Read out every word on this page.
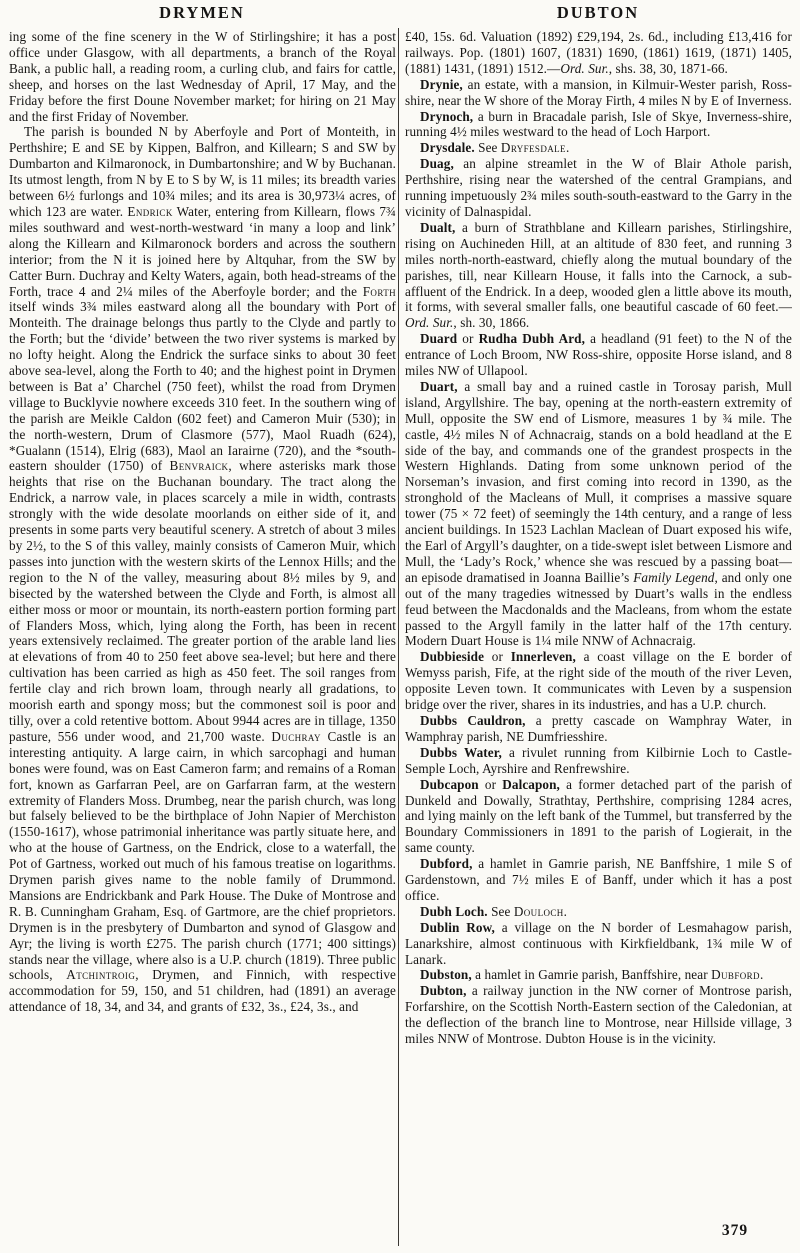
DRYMEN	DUBTON

ing some of the fine scenery in the W of Stirlingshire; it has a post office under Glasgow, with all departments, a branch of the Royal Bank, a public hall, a reading room, a curling club, and fairs for cattle, sheep, and horses on the last Wednesday of April, 17 May, and the Friday before the first Doune November market; for hiring on 21 May and the first Friday of November.

The parish is bounded N by Aberfoyle and Port of Monteith, in Perthshire; E and SE by Kippen, Balfron, and Killearn; S and SW by Dumbarton and Kilmaronock, in Dumbartonshire; and W by Buchanan. Its utmost length, from N by E to S by W, is 11 miles; its breadth varies between 6½ furlongs and 10¾ miles; and its area is 30,973¼ acres, of which 123 are water. Endrick Water, entering from Killearn, flows 7¾ miles southward and west-north-westward ‘in many a loop and link’ along the Killearn and Kilmaronock borders and across the southern interior; from the N it is joined here by Altquhar, from the SW by Catter Burn. Duchray and Kelty Waters, again, both head-streams of the Forth, trace 4 and 2¼ miles of the Aberfoyle border; and the Forth itself winds 3¾ miles eastward along all the boundary with Port of Monteith. The drainage belongs thus partly to the Clyde and partly to the Forth; but the ‘divide’ between the two river systems is marked by no lofty height. Along the Endrick the surface sinks to about 30 feet above sea-level, along the Forth to 40; and the highest point in Drymen between is Bat a’ Charchel (750 feet), whilst the road from Drymen village to Bucklyvie nowhere exceeds 310 feet. In the southern wing of the parish are Meikle Caldon (602 feet) and Cameron Muir (530); in the north-western, Drum of Clasmore (577), Maol Ruadh (624), *Gualann (1514), Elrig (683), Maol an Iarairne (720), and the *south-eastern shoulder (1750) of Benvraick, where asterisks mark those heights that rise on the Buchanan boundary. The tract along the Endrick, a narrow vale, in places scarcely a mile in width, contrasts strongly with the wide desolate moorlands on either side of it, and presents in some parts very beautiful scenery. A stretch of about 3 miles by 2½, to the S of this valley, mainly consists of Cameron Muir, which passes into junction with the western skirts of the Lennox Hills; and the region to the N of the valley, measuring about 8½ miles by 9, and bisected by the watershed between the Clyde and Forth, is almost all either moss or moor or mountain, its north-eastern portion forming part of Flanders Moss, which, lying along the Forth, has been in recent years extensively reclaimed. The greater portion of the arable land lies at elevations of from 40 to 250 feet above sea-level; but here and there cultivation has been carried as high as 450 feet. The soil ranges from fertile clay and rich brown loam, through nearly all gradations, to moorish earth and spongy moss; but the commonest soil is poor and tilly, over a cold retentive bottom. About 9944 acres are in tillage, 1350 pasture, 556 under wood, and 21,700 waste. Duchray Castle is an interesting antiquity. A large cairn, in which sarcophagi and human bones were found, was on East Cameron farm; and remains of a Roman fort, known as Garfarran Peel, are on Garfarran farm, at the western extremity of Flanders Moss. Drumbeg, near the parish church, was long but falsely believed to be the birthplace of John Napier of Merchiston (1550-1617), whose patrimonial inheritance was partly situate here, and who at the house of Gartness, on the Endrick, close to a waterfall, the Pot of Gartness, worked out much of his famous treatise on logarithms. Drymen parish gives name to the noble family of Drummond. Mansions are Endrickbank and Park House. The Duke of Montrose and R. B. Cunningham Graham, Esq. of Gartmore, are the chief proprietors. Drymen is in the presbytery of Dumbarton and synod of Glasgow and Ayr; the living is worth £275. The parish church (1771; 400 sittings) stands near the village, where also is a U.P. church (1819). Three public schools, Atchintroig, Drymen, and Finnich, with respective accommodation for 59, 150, and 51 children, had (1891) an average attendance of 18, 34, and 34, and grants of £32, 3s., £24, 3s., and

£40, 15s. 6d. Valuation (1892) £29,194, 2s. 6d., including £13,416 for railways. Pop. (1801) 1607, (1831) 1690, (1861) 1619, (1871) 1405, (1881) 1431, (1891) 1512.—Ord. Sur., shs. 38, 30, 1871-66.

Drynie, an estate, with a mansion, in Kilmuir-Wester parish, Ross-shire, near the W shore of the Moray Firth, 4 miles N by E of Inverness.

Drynoch, a burn in Bracadale parish, Isle of Skye, Inverness-shire, running 4½ miles westward to the head of Loch Harport.

Drysdale. See Dryfesdale.

Duag, an alpine streamlet in the W of Blair Athole parish, Perthshire, rising near the watershed of the central Grampians, and running impetuously 2¾ miles south-south-eastward to the Garry in the vicinity of Dalnaspidal.

Dualt, a burn of Strathblane and Killearn parishes, Stirlingshire, rising on Auchineden Hill, at an altitude of 830 feet, and running 3 miles north-north-eastward, chiefly along the mutual boundary of the parishes, till, near Killearn House, it falls into the Carnock, a sub-affluent of the Endrick. In a deep, wooded glen a little above its mouth, it forms, with several smaller falls, one beautiful cascade of 60 feet.—Ord. Sur., sh. 30, 1866.

Duard or Rudha Dubh Ard, a headland (91 feet) to the N of the entrance of Loch Broom, NW Ross-shire, opposite Horse island, and 8 miles NW of Ullapool.

Duart, a small bay and a ruined castle in Torosay parish, Mull island, Argyllshire. The bay, opening at the north-eastern extremity of Mull, opposite the SW end of Lismore, measures 1 by ¾ mile. The castle, 4½ miles N of Achnacraig, stands on a bold headland at the E side of the bay, and commands one of the grandest prospects in the Western Highlands. Dating from some unknown period of the Norseman’s invasion, and first coming into record in 1390, as the stronghold of the Macleans of Mull, it comprises a massive square tower (75 × 72 feet) of seemingly the 14th century, and a range of less ancient buildings. In 1523 Lachlan Maclean of Duart exposed his wife, the Earl of Argyll’s daughter, on a tide-swept islet between Lismore and Mull, the ‘Lady’s Rock,’ whence she was rescued by a passing boat—an episode dramatised in Joanna Baillie’s Family Legend, and only one out of the many tragedies witnessed by Duart’s walls in the endless feud between the Macdonalds and the Macleans, from whom the estate passed to the Argyll family in the latter half of the 17th century. Modern Duart House is 1¼ mile NNW of Achnacraig.

Dubbieside or Innerleven, a coast village on the E border of Wemyss parish, Fife, at the right side of the mouth of the river Leven, opposite Leven town. It communicates with Leven by a suspension bridge over the river, shares in its industries, and has a U.P. church.

Dubbs Cauldron, a pretty cascade on Wamphray Water, in Wamphray parish, NE Dumfriesshire.

Dubbs Water, a rivulet running from Kilbirnie Loch to Castle-Semple Loch, Ayrshire and Renfrewshire.

Dubcapon or Dalcapon, a former detached part of the parish of Dunkeld and Dowally, Strathtay, Perthshire, comprising 1284 acres, and lying mainly on the left bank of the Tummel, but transferred by the Boundary Commissioners in 1891 to the parish of Logierait, in the same county.

Dubford, a hamlet in Gamrie parish, NE Banffshire, 1 mile S of Gardenstown, and 7½ miles E of Banff, under which it has a post office.

Dubh Loch. See Douloch.

Dublin Row, a village on the N border of Lesmahagow parish, Lanarkshire, almost continuous with Kirkfieldbank, 1¾ mile W of Lanark.

Dubston, a hamlet in Gamrie parish, Banffshire, near Dubford.

Dubton, a railway junction in the NW corner of Montrose parish, Forfarshire, on the Scottish North-Eastern section of the Caledonian, at the deflection of the branch line to Montrose, near Hillside village, 3 miles NNW of Montrose. Dubton House is in the vicinity.

379
